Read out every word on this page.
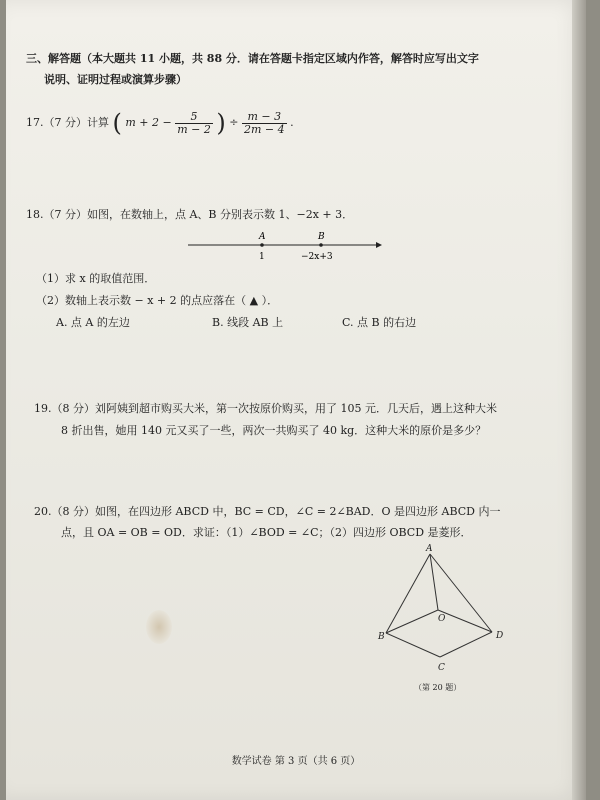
三、解答题（本大题共 11 小题，共 88 分．请在答题卡指定区域内作答，解答时应写出文字
说明、证明过程或演算步骤）
17.（7 分）计算 ( $m + 2 - \frac{5}{m - 2}$ ) ÷ $\frac{m - 3}{2m - 4}$ .
18.（7 分）如图，在数轴上，点 A、B 分别表示数 1、−2x + 3．
A	B
1	−2x+3
（1）求 x 的取值范围．
（2）数轴上表示数 − x + 2 的点应落在（ ▲ ）．
A. 点 A 的左边	B. 线段 AB 上	C. 点 B 的右边
19.（8 分）刘阿姨到超市购买大米，第一次按原价购买，用了 105 元．几天后，遇上这种大米
8 折出售，她用 140 元又买了一些，两次一共购买了 40 kg．这种大米的原价是多少？
20.（8 分）如图，在四边形 ABCD 中，BC = CD，∠C = 2∠BAD．O 是四边形 ABCD 内一
点，且 OA = OB = OD．求证：（1）∠BOD = ∠C；（2）四边形 OBCD 是菱形．
A
O
B	D
C
（第 20 题）
数学试卷 第 3 页（共 6 页）
